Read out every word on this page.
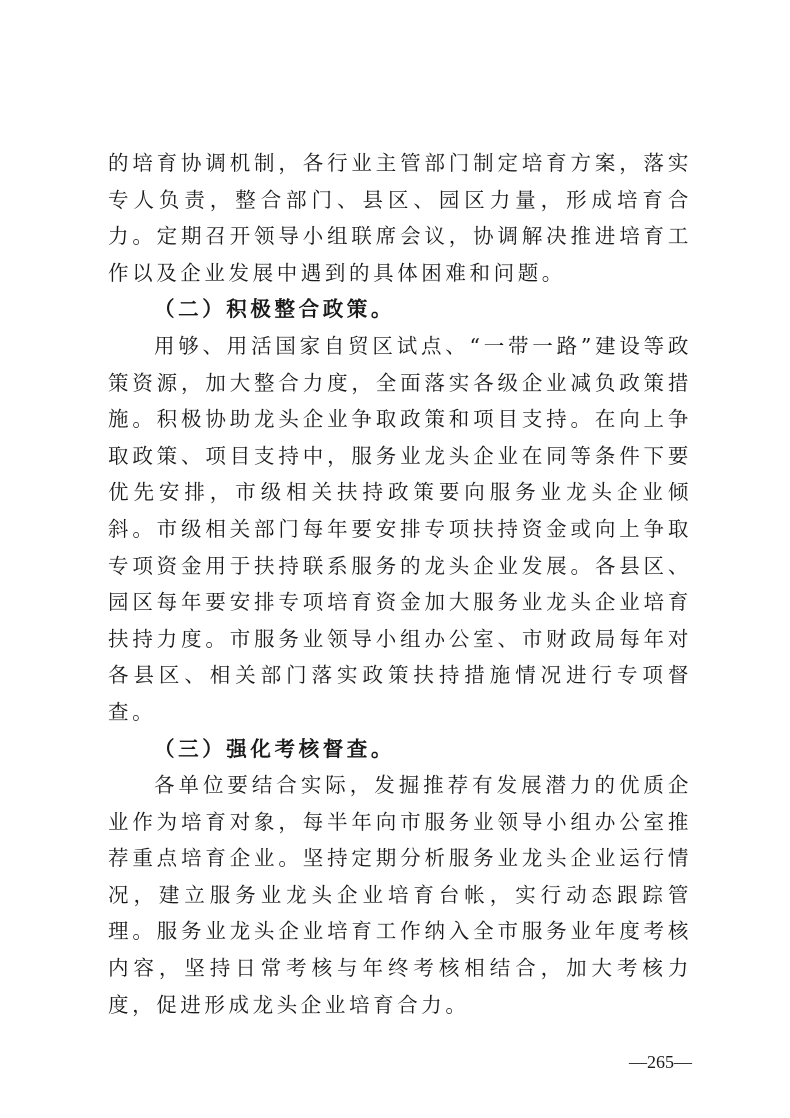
的培育协调机制，各行业主管部门制定培育方案，落实专人负责，整合部门、县区、园区力量，形成培育合力。定期召开领导小组联席会议，协调解决推进培育工作以及企业发展中遇到的具体困难和问题。

（二）积极整合政策。

用够、用活国家自贸区试点、“一带一路”建设等政策资源，加大整合力度，全面落实各级企业减负政策措施。积极协助龙头企业争取政策和项目支持。在向上争取政策、项目支持中，服务业龙头企业在同等条件下要优先安排，市级相关扶持政策要向服务业龙头企业倾斜。市级相关部门每年要安排专项扶持资金或向上争取专项资金用于扶持联系服务的龙头企业发展。各县区、园区每年要安排专项培育资金加大服务业龙头企业培育扶持力度。市服务业领导小组办公室、市财政局每年对各县区、相关部门落实政策扶持措施情况进行专项督查。

（三）强化考核督查。

各单位要结合实际，发掘推荐有发展潜力的优质企业作为培育对象，每半年向市服务业领导小组办公室推荐重点培育企业。坚持定期分析服务业龙头企业运行情况，建立服务业龙头企业培育台帐，实行动态跟踪管理。服务业龙头企业培育工作纳入全市服务业年度考核内容，坚持日常考核与年终考核相结合，加大考核力度，促进形成龙头企业培育合力。

—265—
